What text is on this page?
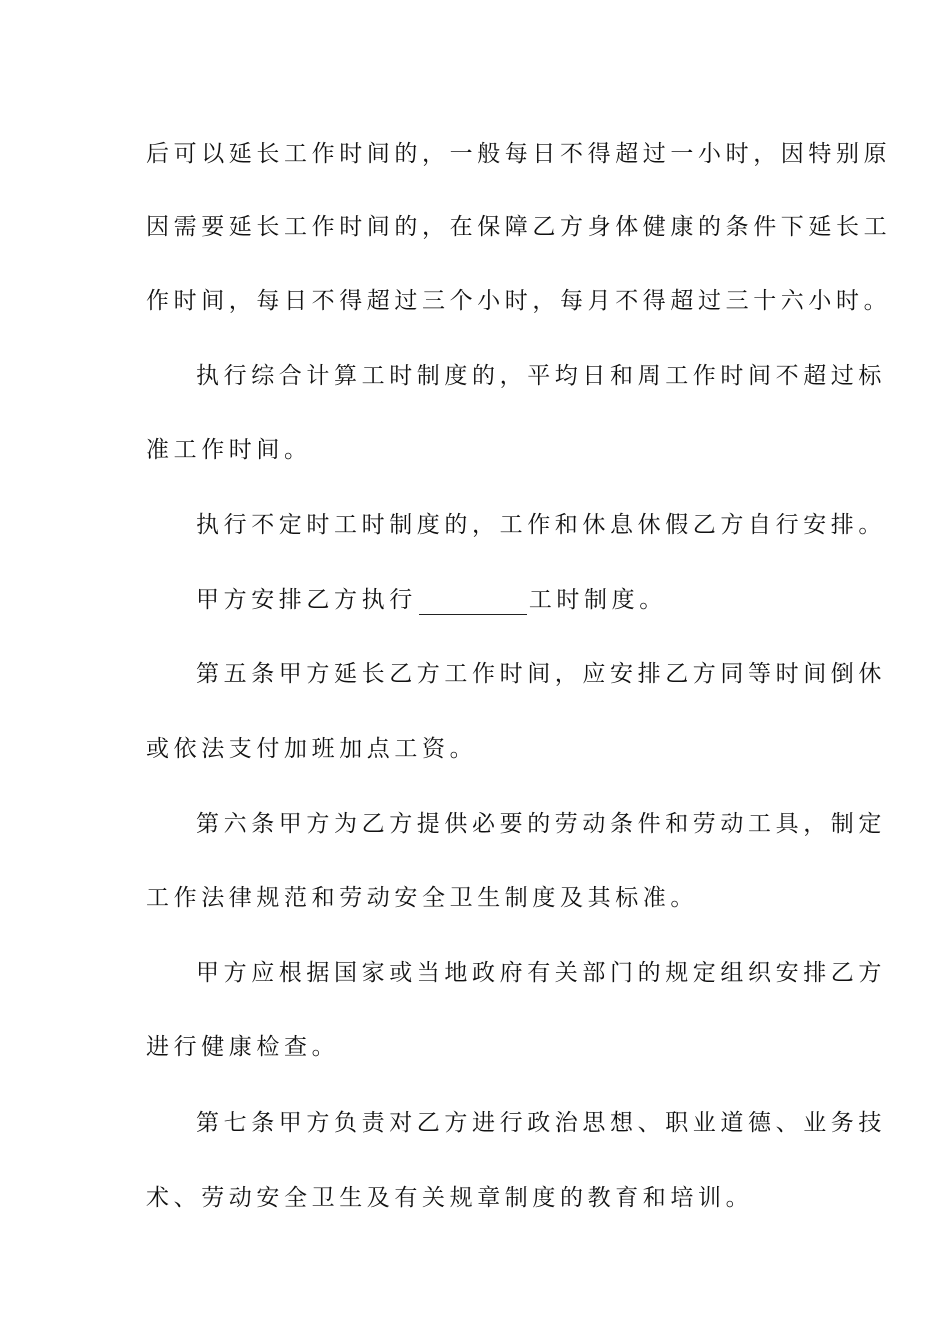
后可以延长工作时间的，一般每日不得超过一小时，因特别原
因需要延长工作时间的，在保障乙方身体健康的条件下延长工
作时间，每日不得超过三个小时，每月不得超过三十六小时。
执行综合计算工时制度的，平均日和周工作时间不超过标
准工作时间。
执行不定时工时制度的，工作和休息休假乙方自行安排。
甲方安排乙方执行	工时制度。
第五条甲方延长乙方工作时间，应安排乙方同等时间倒休
或依法支付加班加点工资。
第六条甲方为乙方提供必要的劳动条件和劳动工具，制定
工作法律规范和劳动安全卫生制度及其标准。
甲方应根据国家或当地政府有关部门的规定组织安排乙方
进行健康检查。
第七条甲方负责对乙方进行政治思想、职业道德、业务技
术、劳动安全卫生及有关规章制度的教育和培训。
